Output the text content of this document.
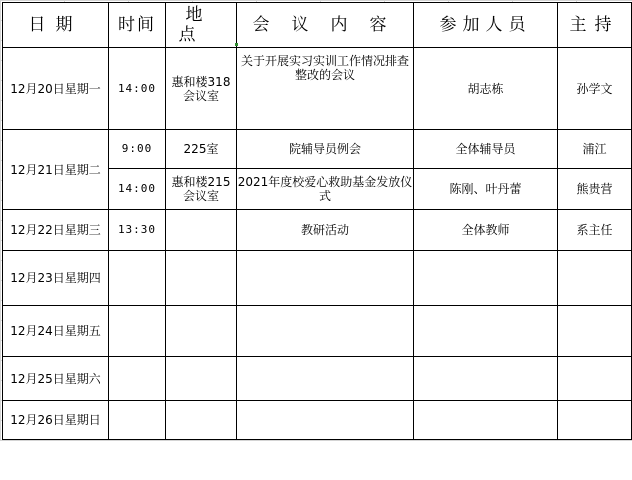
日期	时间	地点	会议内容	参加人员	主持
12月20日星期一	14:00	惠和楼318会议室	关于开展实习实训工作情况排查整改的会议	胡志栋	孙学文
12月21日星期二	9:00	225室	院辅导员例会	全体辅导员	浦江
	14:00	惠和楼215会议室	2021年度校爱心救助基金发放仪式	陈刚、叶丹蕾	熊贵营
12月22日星期三	13:30		教研活动	全体教师	系主任
12月23日星期四					
12月24日星期五					
12月25日星期六					
12月26日星期日					
